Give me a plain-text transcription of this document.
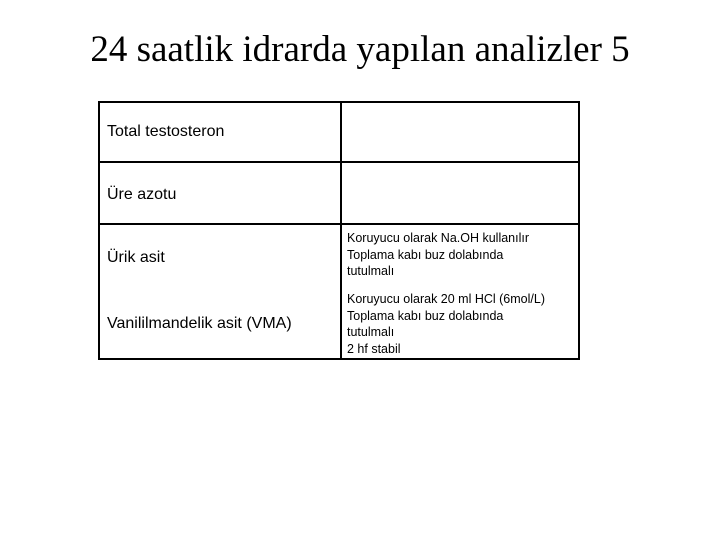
24 saatlik idrarda yapılan analizler 5
Total testosteron
Üre azotu
Ürik asit
Koruyucu olarak Na.OH kullanılır
Toplama kabı buz dolabında
tutulmalı
Vanililmandelik asit (VMA)
Koruyucu olarak 20 ml HCl (6mol/L)
Toplama kabı buz dolabında
tutulmalı
2 hf stabil
